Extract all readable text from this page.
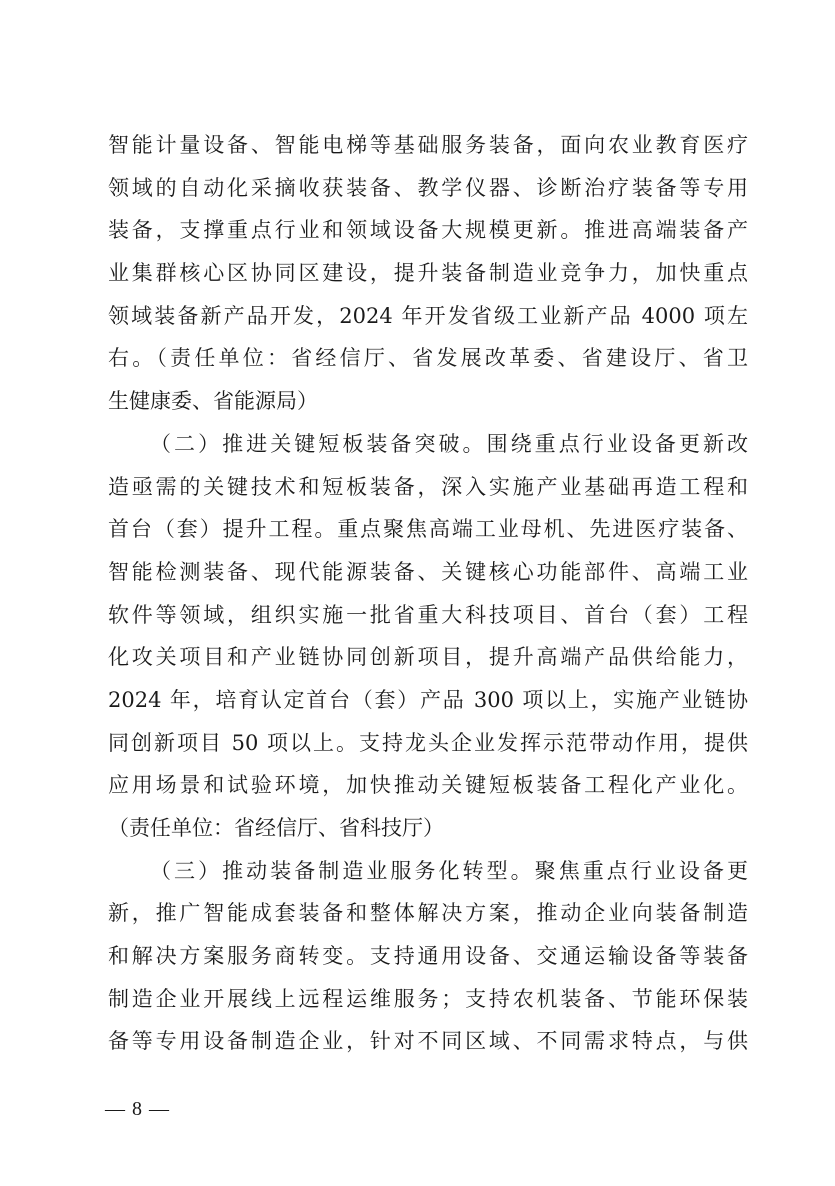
智能计量设备、智能电梯等基础服务装备，面向农业教育医疗
领域的自动化采摘收获装备、教学仪器、诊断治疗装备等专用
装备，支撑重点行业和领域设备大规模更新。推进高端装备产
业集群核心区协同区建设，提升装备制造业竞争力，加快重点
领域装备新产品开发，2024 年开发省级工业新产品 4000 项左
右。（责任单位：省经信厅、省发展改革委、省建设厅、省卫
生健康委、省能源局）
（二）推进关键短板装备突破。围绕重点行业设备更新改
造亟需的关键技术和短板装备，深入实施产业基础再造工程和
首台（套）提升工程。重点聚焦高端工业母机、先进医疗装备、
智能检测装备、现代能源装备、关键核心功能部件、高端工业
软件等领域，组织实施一批省重大科技项目、首台（套）工程
化攻关项目和产业链协同创新项目，提升高端产品供给能力，
2024 年，培育认定首台（套）产品 300 项以上，实施产业链协
同创新项目 50 项以上。支持龙头企业发挥示范带动作用，提供
应用场景和试验环境，加快推动关键短板装备工程化产业化。
（责任单位：省经信厅、省科技厅）
（三）推动装备制造业服务化转型。聚焦重点行业设备更
新，推广智能成套装备和整体解决方案，推动企业向装备制造
和解决方案服务商转变。支持通用设备、交通运输设备等装备
制造企业开展线上远程运维服务；支持农机装备、节能环保装
备等专用设备制造企业，针对不同区域、不同需求特点，与供
— 8 —
